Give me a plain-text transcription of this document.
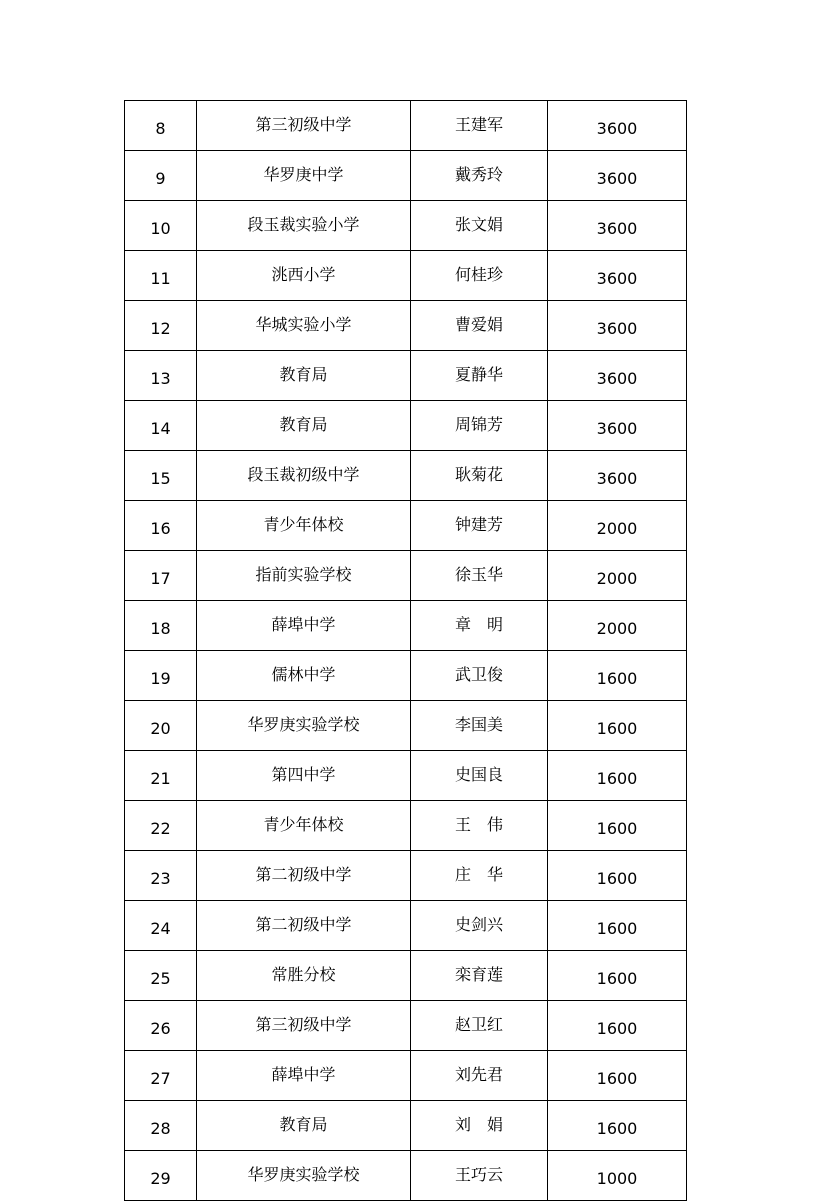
8	第三初级中学	王建军	3600
9	华罗庚中学	戴秀玲	3600
10	段玉裁实验小学	张文娟	3600
11	洮西小学	何桂珍	3600
12	华城实验小学	曹爱娟	3600
13	教育局	夏静华	3600
14	教育局	周锦芳	3600
15	段玉裁初级中学	耿菊花	3600
16	青少年体校	钟建芳	2000
17	指前实验学校	徐玉华	2000
18	薛埠中学	章　明	2000
19	儒林中学	武卫俊	1600
20	华罗庚实验学校	李国美	1600
21	第四中学	史国良	1600
22	青少年体校	王　伟	1600
23	第二初级中学	庄　华	1600
24	第二初级中学	史剑兴	1600
25	常胜分校	栾育莲	1600
26	第三初级中学	赵卫红	1600
27	薛埠中学	刘先君	1600
28	教育局	刘　娟	1600
29	华罗庚实验学校	王巧云	1000
